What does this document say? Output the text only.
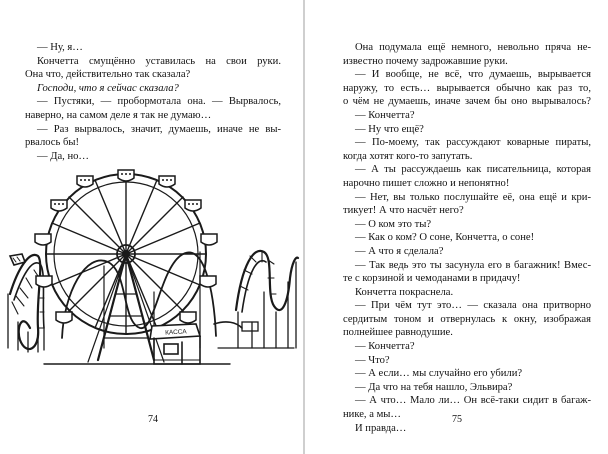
— Ну, я…
Кончетта смущённо уставилась на свои руки.
Она что, действительно так сказала?
Господи, что я сейчас сказала?
— Пустяки, — пробормотала она. — Вырвалось,
наверно, на самом деле я так не думаю…
— Раз вырвалось, значит, думаешь, иначе не вы-
рвалось бы!
— Да, но…
КАССА
74
Она подумала ещё немного, невольно пряча не-
известно почему задрожавшие руки.
— И вообще, не всё, что думаешь, вырывается
наружу, то есть… вырывается обычно как раз то,
о чём не думаешь, иначе зачем бы оно вырывалось?
— Кончетта?
— Ну что ещё?
— По-моему, так рассуждают коварные пираты,
когда хотят кого-то запутать.
— А ты рассуждаешь как писательница, которая
нарочно пишет сложно и непонятно!
— Нет, вы только послушайте её, она ещё и кри-
тикует! А что насчёт него?
— О ком это ты?
— Как о ком? О соне, Кончетта, о соне!
— А что я сделала?
— Так ведь это ты засунула его в багажник! Вмес-
те с корзиной и чемоданами в придачу!
Кончетта покраснела.
— При чём тут это… — сказала она притворно
сердитым тоном и отвернулась к окну, изображая
полнейшее равнодушие.
— Кончетта?
— Что?
— А если… мы случайно его убили?
— Да что на тебя нашло, Эльвира?
— А что… Мало ли… Он всё-таки сидит в багаж-
нике, а мы…
И правда…
75
